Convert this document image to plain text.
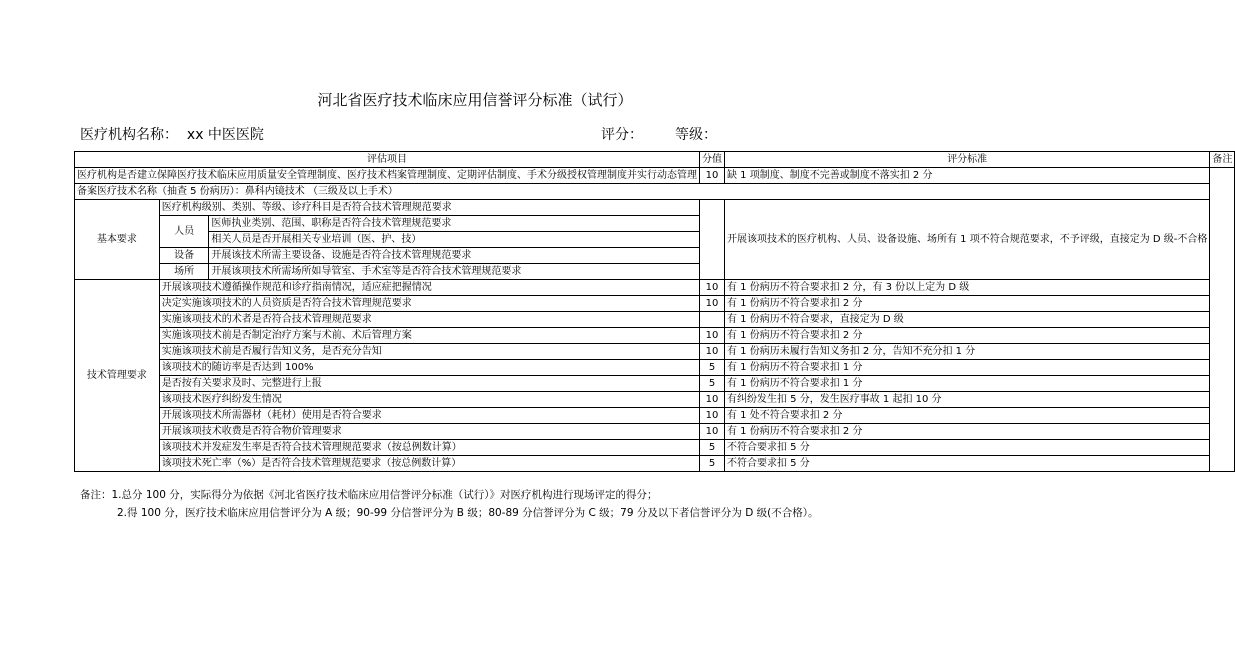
河北省医疗技术临床应用信誉评分标准（试行）
医疗机构名称： xx 中医医院	评分： 等级：
评估项目			分值	评分标准	备注
医疗机构是否建立保障医疗技术临床应用质量安全管理制度、医疗技术档案管理制度、定期评估制度、手术分级授权管理制度并实行动态管理			10	缺 1 项制度、制度不完善或制度不落实扣 2 分	
备案医疗技术名称（抽查 5 份病历）：鼻科内镜技术 （三级及以上手术）					
基本要求	医疗机构级别、类别、等级、诊疗科目是否符合技术管理规范要求			开展该项技术的医疗机构、人员、设备设施、场所有 1 项不符合规范要求，不予评级，直接定为 D 级-不合格	
	人员	医师执业类别、范围、职称是否符合技术管理规范要求			
		相关人员是否开展相关专业培训（医、护、技）			
	设备	开展该技术所需主要设备、设施是否符合技术管理规范要求			
	场所	开展该项技术所需场所如导管室、手术室等是否符合技术管理规范要求			
技术管理要求	开展该项技术遵循操作规范和诊疗指南情况，适应症把握情况		10	有 1 份病历不符合要求扣 2 分，有 3 份以上定为 D 级	
	决定实施该项技术的人员资质是否符合技术管理规范要求		10	有 1 份病历不符合要求扣 2 分	
	实施该项技术的术者是否符合技术管理规范要求			有 1 份病历不符合要求，直接定为 D 级	
	实施该项技术前是否制定治疗方案与术前、术后管理方案		10	有 1 份病历不符合要求扣 2 分	
	实施该项技术前是否履行告知义务，是否充分告知		10	有 1 份病历未履行告知义务扣 2 分，告知不充分扣 1 分	
	该项技术的随访率是否达到 100%		5	有 1 份病历不符合要求扣 1 分	
	是否按有关要求及时、完整进行上报		5	有 1 份病历不符合要求扣 1 分	
	该项技术医疗纠纷发生情况		10	有纠纷发生扣 5 分，发生医疗事故 1 起扣 10 分	
	开展该项技术所需器材（耗材）使用是否符合要求		10	有 1 处不符合要求扣 2 分	
	开展该项技术收费是否符合物价管理要求		10	有 1 份病历不符合要求扣 2 分	
	该项技术并发症发生率是否符合技术管理规范要求（按总例数计算）		5	不符合要求扣 5 分	
	该项技术死亡率（%）是否符合技术管理规范要求（按总例数计算）		5	不符合要求扣 5 分	
备注：1.总分 100 分，实际得分为依据《河北省医疗技术临床应用信誉评分标准（试行）》对医疗机构进行现场评定的得分；
2.得 100 分，医疗技术临床应用信誉评分为 A 级；90-99 分信誉评分为 B 级；80-89 分信誉评分为 C 级；79 分及以下者信誉评分为 D 级(不合格）。
